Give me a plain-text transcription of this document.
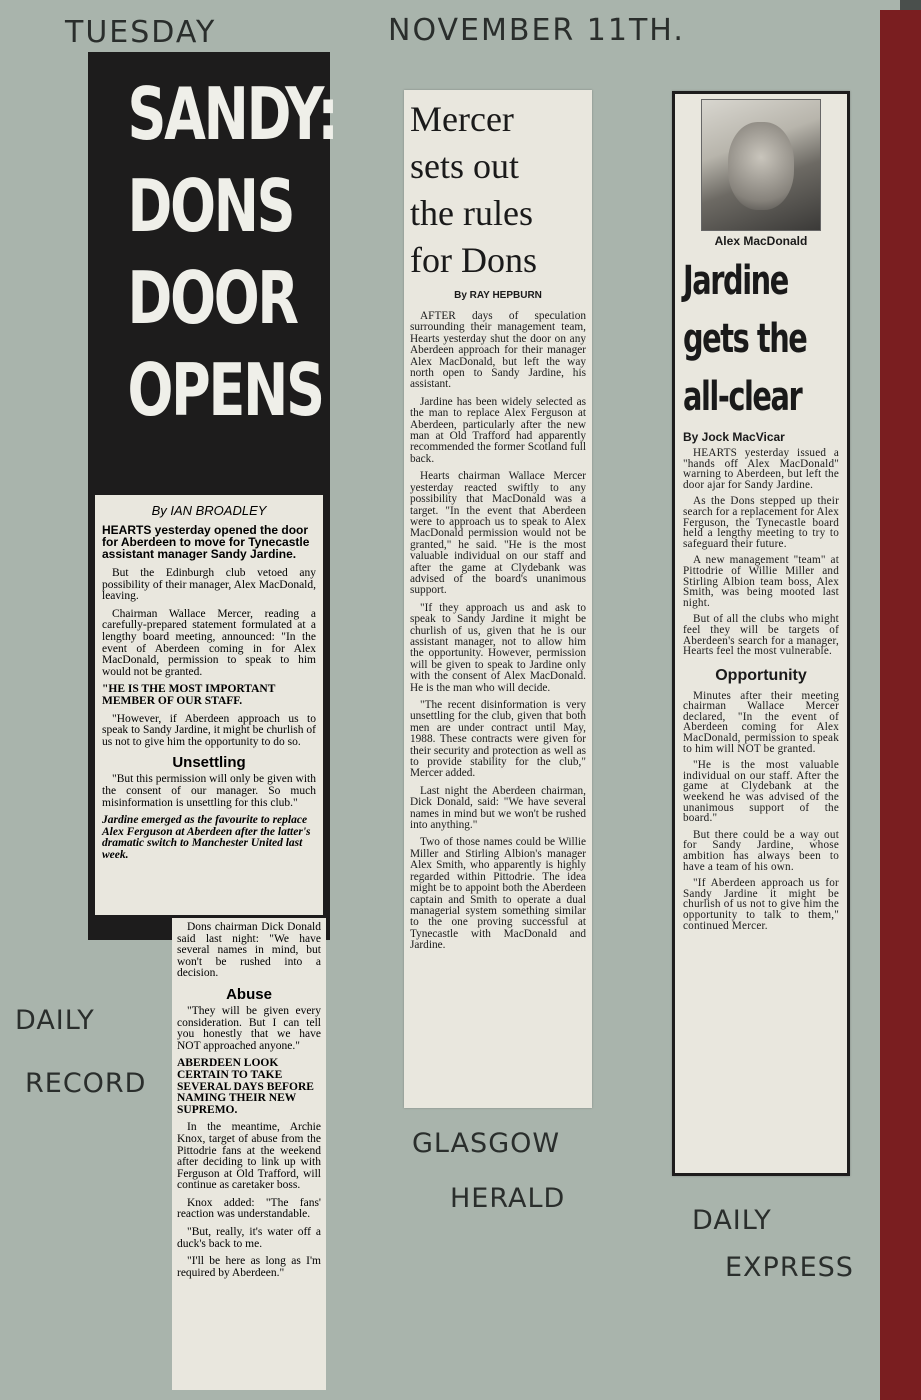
TUESDAY	NOVEMBER 11TH.
SANDY:
DONS
DOOR
OPENS

By IAN BROADLEY

HEARTS yesterday opened the door for Aberdeen to move for Tynecastle assistant manager Sandy Jardine.

But the Edinburgh club vetoed any possibility of their manager, Alex MacDonald, leaving.

Chairman Wallace Mercer, reading a carefully-prepared statement formulated at a lengthy board meeting, announced: "In the event of Aberdeen coming in for Alex MacDonald, permission to speak to him would not be granted.

"HE IS THE MOST IMPORTANT MEMBER OF OUR STAFF.

"However, if Aberdeen approach us to speak to Sandy Jardine, it might be churlish of us not to give him the opportunity to do so.

Unsettling

"But this permission will only be given with the consent of our manager. So much misinformation is unsettling for this club."

Jardine emerged as the favourite to replace Alex Ferguson at Aberdeen after the latter's dramatic switch to Manchester United last week.

Dons chairman Dick Donald said last night: "We have several names in mind, but won't be rushed into a decision.

Abuse

"They will be given every consideration. But I can tell you honestly that we have NOT approached anyone."

ABERDEEN LOOK CERTAIN TO TAKE SEVERAL DAYS BEFORE NAMING THEIR NEW SUPREMO.

In the meantime, Archie Knox, target of abuse from the Pittodrie fans at the weekend after deciding to link up with Ferguson at Old Trafford, will continue as caretaker boss.

Knox added: "The fans' reaction was understandable.

"But, really, it's water off a duck's back to me.

"I'll be here as long as I'm required by Aberdeen."

Mercer
sets out
the rules
for Dons

By RAY HEPBURN

AFTER days of speculation surrounding their management team, Hearts yesterday shut the door on any Aberdeen approach for their manager Alex MacDonald, but left the way north open to Sandy Jardine, his assistant.

Jardine has been widely selected as the man to replace Alex Ferguson at Aberdeen, particularly after the new man at Old Trafford had apparently recommended the former Scotland full back.

Hearts chairman Wallace Mercer yesterday reacted swiftly to any possibility that MacDonald was a target. "In the event that Aberdeen were to approach us to speak to Alex MacDonald permission would not be granted," he said. "He is the most valuable individual on our staff and after the game at Clydebank was advised of the board's unanimous support.

"If they approach us and ask to speak to Sandy Jardine it might be churlish of us, given that he is our assistant manager, not to allow him the opportunity. However, permission will be given to speak to Jardine only with the consent of Alex MacDonald. He is the man who will decide.

"The recent disinformation is very unsettling for the club, given that both men are under contract until May, 1988. These contracts were given for their security and protection as well as to provide stability for the club," Mercer added.

Last night the Aberdeen chairman, Dick Donald, said: "We have several names in mind but we won't be rushed into anything."

Two of those names could be Willie Miller and Stirling Albion's manager Alex Smith, who apparently is highly regarded within Pittodrie. The idea might be to appoint both the Aberdeen captain and Smith to operate a dual managerial system something similar to the one proving successful at Tynecastle with MacDonald and Jardine.

Alex MacDonald

Jardine
gets the
all-clear

By Jock MacVicar

HEARTS yesterday issued a "hands off Alex MacDonald" warning to Aberdeen, but left the door ajar for Sandy Jardine.

As the Dons stepped up their search for a replacement for Alex Ferguson, the Tynecastle board held a lengthy meeting to try to safeguard their future.

A new management "team" at Pittodrie of Willie Miller and Stirling Albion team boss, Alex Smith, was being mooted last night.

But of all the clubs who might feel they will be targets of Aberdeen's search for a manager, Hearts feel the most vulnerable.

Opportunity

Minutes after their meeting chairman Wallace Mercer declared, "In the event of Aberdeen coming for Alex MacDonald, permission to speak to him will NOT be granted.

"He is the most valuable individual on our staff. After the game at Clydebank at the weekend he was advised of the unanimous support of the board."

But there could be a way out for Sandy Jardine, whose ambition has always been to have a team of his own.

"If Aberdeen approach us for Sandy Jardine it might be churlish of us not to give him the opportunity to talk to them," continued Mercer.

DAILY
RECORD
GLASGOW
HERALD
DAILY
EXPRESS
